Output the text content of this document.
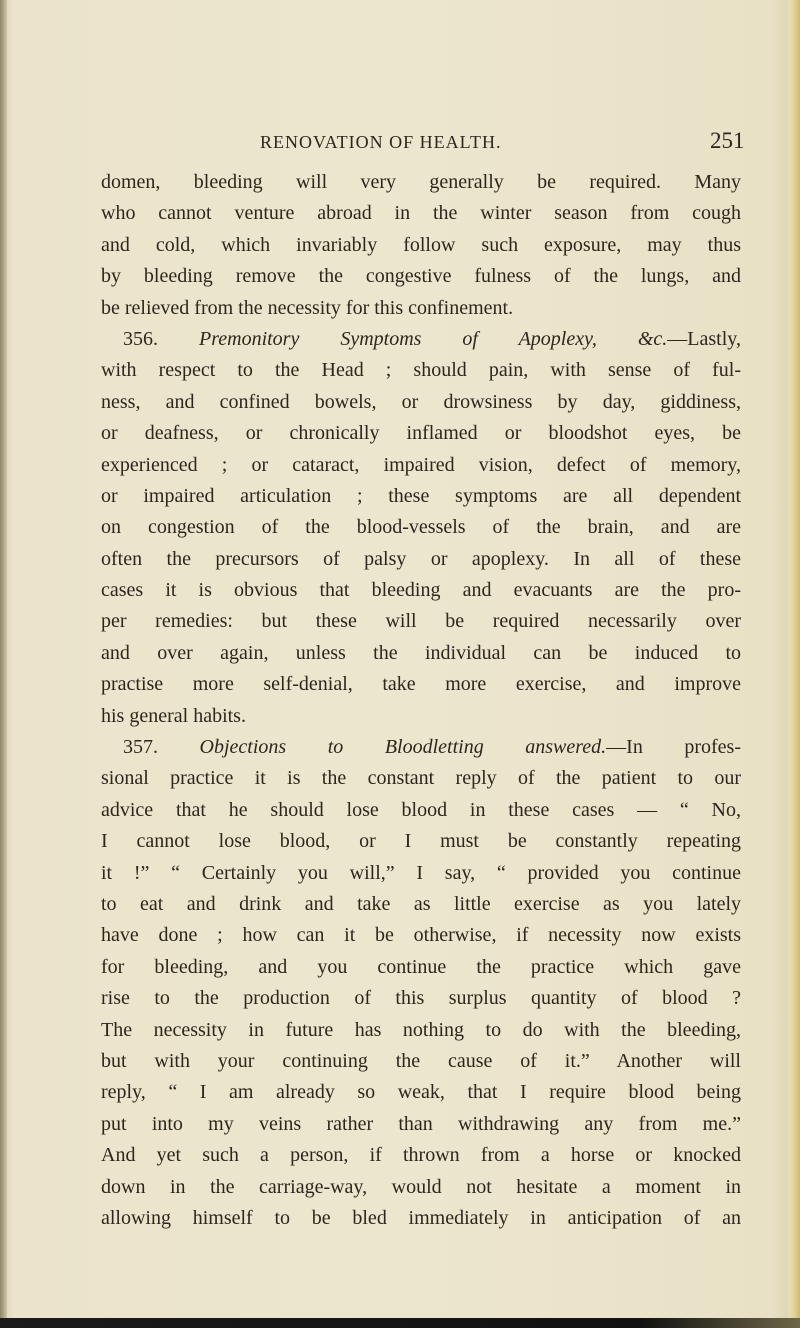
RENOVATION OF HEALTH.	251
domen, bleeding will very generally be required. Many
who cannot venture abroad in the winter season from cough
and cold, which invariably follow such exposure, may thus
by bleeding remove the congestive fulness of the lungs, and
be relieved from the necessity for this confinement.
356. Premonitory Symptoms of Apoplexy, &c.—Lastly,
with respect to the Head ; should pain, with sense of ful-
ness, and confined bowels, or drowsiness by day, giddiness,
or deafness, or chronically inflamed or bloodshot eyes, be
experienced ; or cataract, impaired vision, defect of memory,
or impaired articulation ; these symptoms are all dependent
on congestion of the blood-vessels of the brain, and are
often the precursors of palsy or apoplexy. In all of these
cases it is obvious that bleeding and evacuants are the pro-
per remedies: but these will be required necessarily over
and over again, unless the individual can be induced to
practise more self-denial, take more exercise, and improve
his general habits.
357. Objections to Bloodletting answered.—In profes-
sional practice it is the constant reply of the patient to our
advice that he should lose blood in these cases — “ No,
I cannot lose blood, or I must be constantly repeating
it !” “ Certainly you will,” I say, “ provided you continue
to eat and drink and take as little exercise as you lately
have done ; how can it be otherwise, if necessity now exists
for bleeding, and you continue the practice which gave
rise to the production of this surplus quantity of blood ?
The necessity in future has nothing to do with the bleeding,
but with your continuing the cause of it.” Another will
reply, “ I am already so weak, that I require blood being
put into my veins rather than withdrawing any from me.”
And yet such a person, if thrown from a horse or knocked
down in the carriage-way, would not hesitate a moment in
allowing himself to be bled immediately in anticipation of an
